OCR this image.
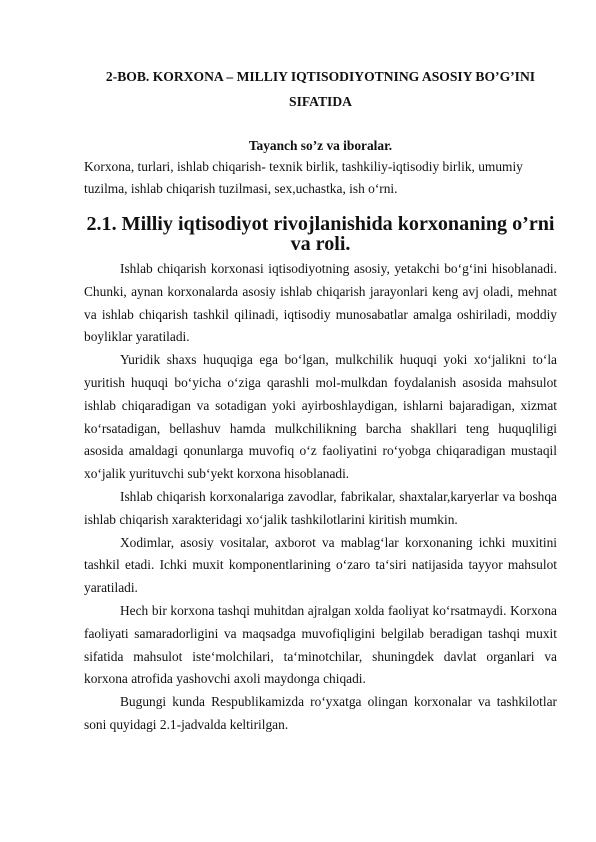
2-BOB. KORXONA – MILLIY IQTISODIYOTNING ASOSIY BO’G’INI SIFATIDA

Tayanch so’z va iboralar.

Korxona, turlari, ishlab chiqarish- texnik birlik, tashkiliy-iqtisodiy birlik, umumiy tuzilma, ishlab chiqarish tuzilmasi, sex,uchastka, ish o‘rni.

2.1. Milliy iqtisodiyot rivojlanishida korxonaning o’rni va roli.

Ishlab chiqarish korxonasi iqtisodiyotning asosiy, yetakchi bo‘g‘ini hisoblanadi. Chunki, aynan korxonalarda asosiy ishlab chiqarish jarayonlari keng avj oladi, mehnat va ishlab chiqarish tashkil qilinadi, iqtisodiy munosabatlar amalga oshiriladi, moddiy boyliklar yaratiladi.

Yuridik shaxs huquqiga ega bo‘lgan, mulkchilik huquqi yoki xo‘jalikni to‘la yuritish huquqi bo‘yicha o‘ziga qarashli mol-mulkdan foydalanish asosida mahsulot ishlab chiqaradigan va sotadigan yoki ayirboshlaydigan, ishlarni bajaradigan, xizmat ko‘rsatadigan, bellashuv hamda mulkchilikning barcha shakllari teng huquqliligi asosida amaldagi qonunlarga muvofiq o‘z faoliyatini ro‘yobga chiqaradigan mustaqil xo‘jalik yurituvchi sub‘yekt korxona hisoblanadi.

Ishlab chiqarish korxonalariga zavodlar, fabrikalar, shaxtalar,karyerlar va boshqa ishlab chiqarish xarakteridagi xo‘jalik tashkilotlarini kiritish mumkin.

Xodimlar, asosiy vositalar, axborot va mablag‘lar korxonaning ichki muxitini tashkil etadi. Ichki muxit komponentlarining o‘zaro ta‘siri natijasida tayyor mahsulot yaratiladi.

Hech bir korxona tashqi muhitdan ajralgan xolda faoliyat ko‘rsatmaydi. Korxona faoliyati samaradorligini va maqsadga muvofiqligini belgilab beradigan tashqi muxit sifatida mahsulot iste‘molchilari, ta‘minotchilar, shuningdek davlat organlari va korxona atrofida yashovchi axoli maydonga chiqadi.

Bugungi kunda Respublikamizda ro‘yxatga olingan korxonalar va tashkilotlar soni quyidagi 2.1-jadvalda keltirilgan.
